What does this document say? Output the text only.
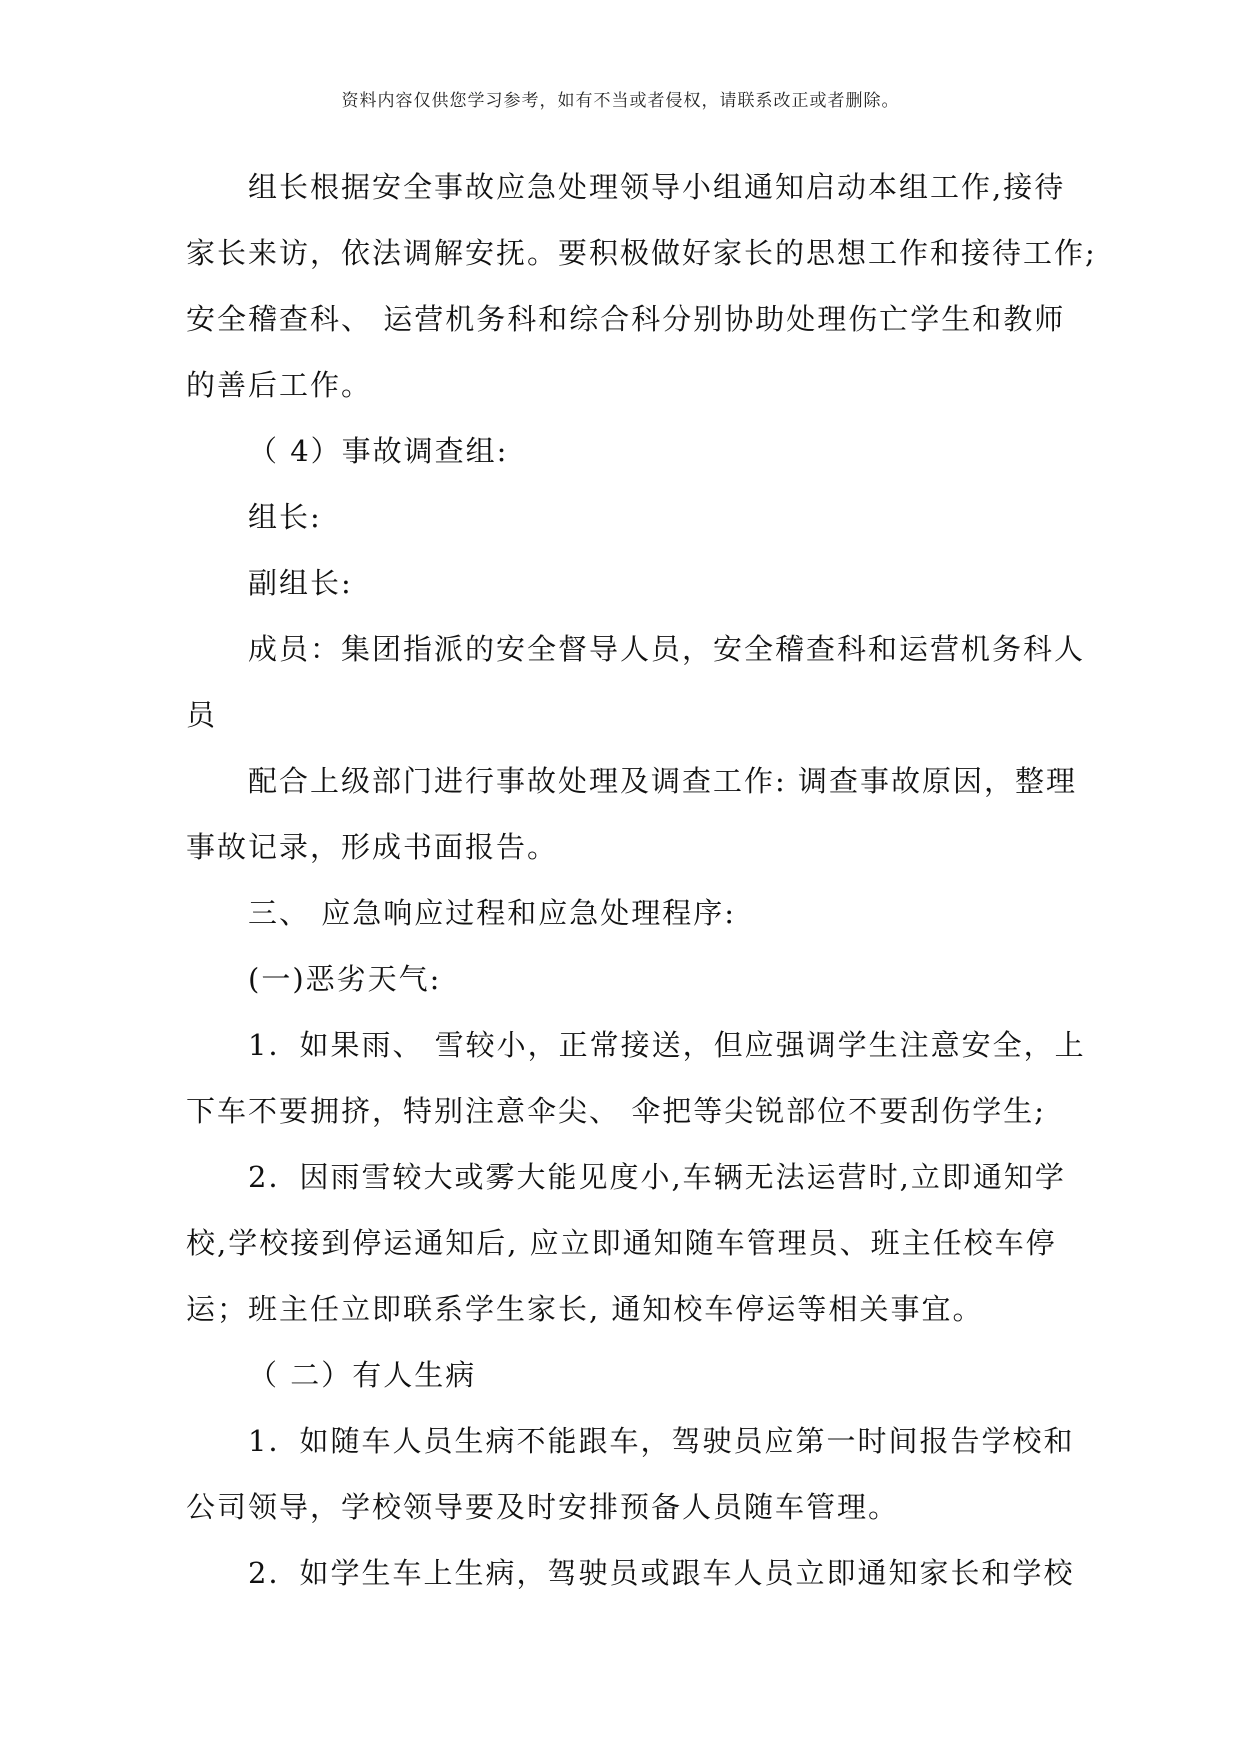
资料内容仅供您学习参考，如有不当或者侵权，请联系改正或者删除。

组长根据安全事故应急处理领导小组通知启动本组工作,接待

家长来访，依法调解安抚。要积极做好家长的思想工作和接待工作;

安全稽查科、 运营机务科和综合科分别协助处理伤亡学生和教师

的善后工作。

（ 4）事故调查组:

组长:

副组长:

成员：集团指派的安全督导人员，安全稽查科和运营机务科人

员

配合上级部门进行事故处理及调查工作: 调查事故原因，整理

事故记录，形成书面报告。

三、 应急响应过程和应急处理程序:

(一)恶劣天气:

1．如果雨、 雪较小，正常接送，但应强调学生注意安全，上

下车不要拥挤，特别注意伞尖、 伞把等尖锐部位不要刮伤学生;

2．因雨雪较大或雾大能见度小,车辆无法运营时,立即通知学

校,学校接到停运通知后, 应立即通知随车管理员、班主任校车停

运；班主任立即联系学生家长, 通知校车停运等相关事宜。

（ 二）有人生病

1．如随车人员生病不能跟车，驾驶员应第一时间报告学校和

公司领导，学校领导要及时安排预备人员随车管理。

2．如学生车上生病，驾驶员或跟车人员立即通知家长和学校
